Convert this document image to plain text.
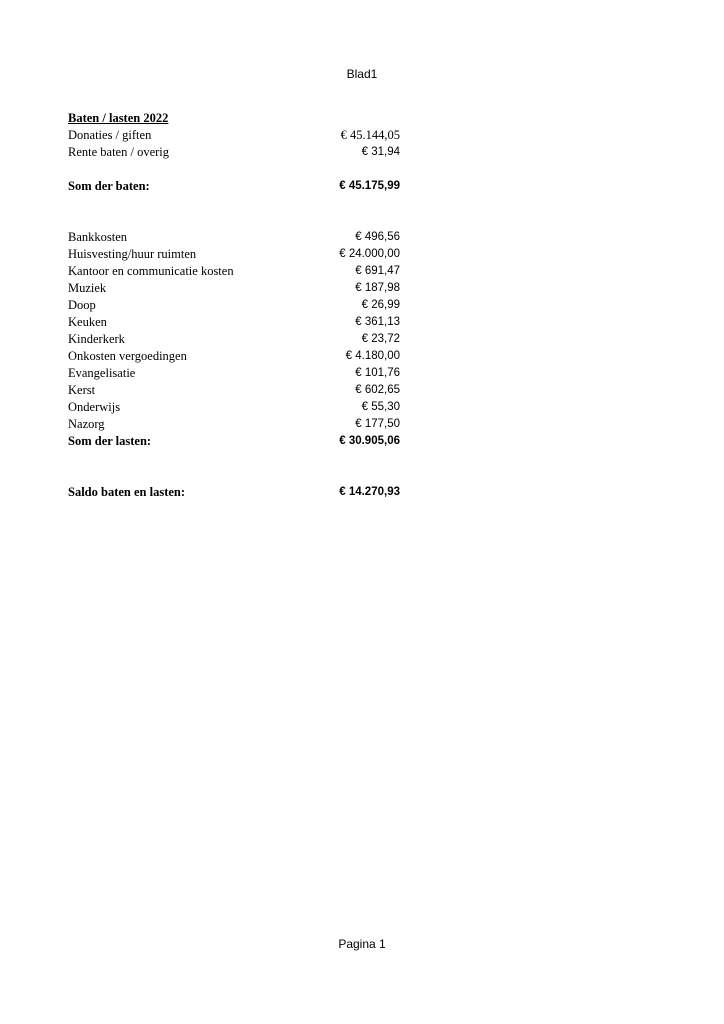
Blad1
Baten / lasten 2022
Donaties / giften	€ 45.144,05
Rente baten / overig	€ 31,94
Som der baten:	€ 45.175,99
Bankkosten	€ 496,56
Huisvesting/huur ruimten	€ 24.000,00
Kantoor en communicatie kosten	€ 691,47
Muziek	€ 187,98
Doop	€ 26,99
Keuken	€ 361,13
Kinderkerk	€ 23,72
Onkosten vergoedingen	€ 4.180,00
Evangelisatie	€ 101,76
Kerst	€ 602,65
Onderwijs	€ 55,30
Nazorg	€ 177,50
Som der lasten:	€ 30.905,06
Saldo baten en lasten:	€ 14.270,93
Pagina 1
